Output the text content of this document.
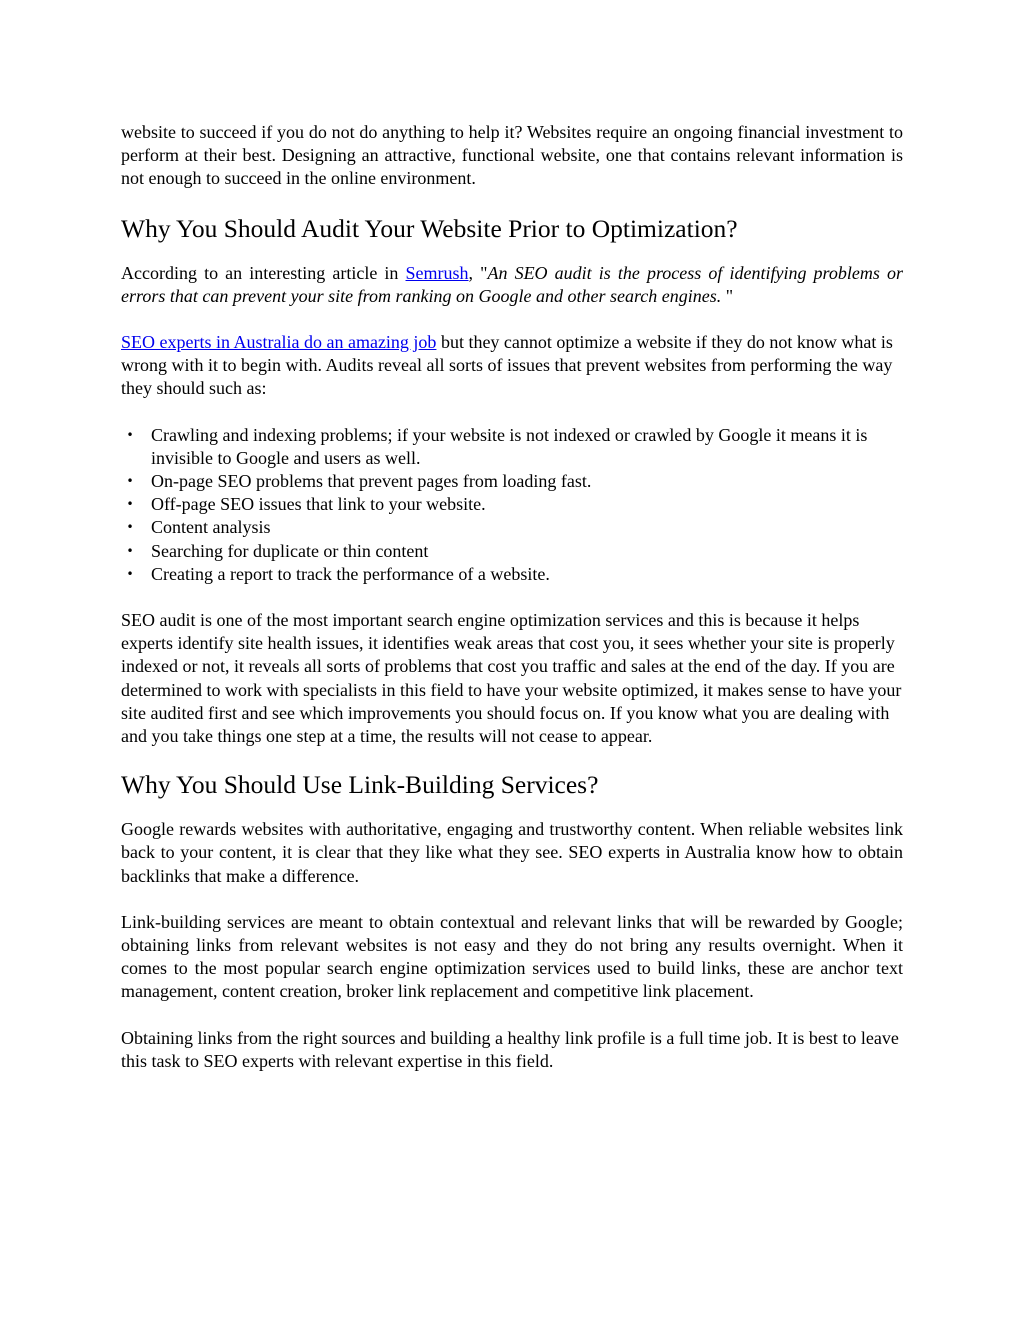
website to succeed if you do not do anything to help it? Websites require an ongoing financial investment to perform at their best. Designing an attractive, functional website, one that contains relevant information is not enough to succeed in the online environment.

Why You Should Audit Your Website Prior to Optimization?

According to an interesting article in Semrush, "An SEO audit is the process of identifying problems or errors that can prevent your site from ranking on Google and other search engines. "

SEO experts in Australia do an amazing job but they cannot optimize a website if they do not know what is wrong with it to begin with. Audits reveal all sorts of issues that prevent websites from performing the way they should such as:

• Crawling and indexing problems; if your website is not indexed or crawled by Google it means it is invisible to Google and users as well.
• On-page SEO problems that prevent pages from loading fast.
• Off-page SEO issues that link to your website.
• Content analysis
• Searching for duplicate or thin content
• Creating a report to track the performance of a website.

SEO audit is one of the most important search engine optimization services and this is because it helps experts identify site health issues, it identifies weak areas that cost you, it sees whether your site is properly indexed or not, it reveals all sorts of problems that cost you traffic and sales at the end of the day. If you are determined to work with specialists in this field to have your website optimized, it makes sense to have your site audited first and see which improvements you should focus on. If you know what you are dealing with and you take things one step at a time, the results will not cease to appear.

Why You Should Use Link-Building Services?

Google rewards websites with authoritative, engaging and trustworthy content. When reliable websites link back to your content, it is clear that they like what they see. SEO experts in Australia know how to obtain backlinks that make a difference.

Link-building services are meant to obtain contextual and relevant links that will be rewarded by Google; obtaining links from relevant websites is not easy and they do not bring any results overnight. When it comes to the most popular search engine optimization services used to build links, these are anchor text management, content creation, broker link replacement and competitive link placement.

Obtaining links from the right sources and building a healthy link profile is a full time job. It is best to leave this task to SEO experts with relevant expertise in this field.
